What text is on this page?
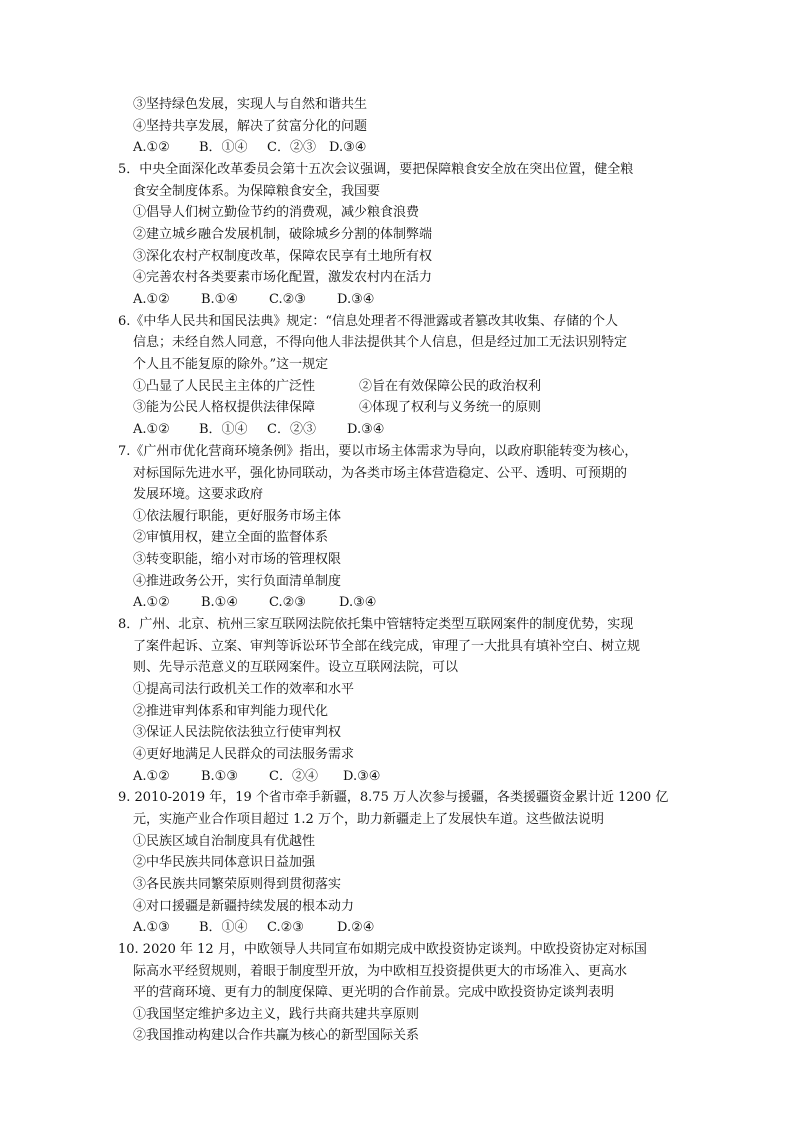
③坚持绿色发展，实现人与自然和谐共生
④坚持共享发展，解决了贫富分化的问题
A.①② B．①④ C．②③ D.③④
5．中央全面深化改革委员会第十五次会议强调，要把保障粮食安全放在突出位置，健全粮
食安全制度体系。为保障粮食安全，我国要
①倡导人们树立勤俭节约的消费观，减少粮食浪费
②建立城乡融合发展机制，破除城乡分割的体制弊端
③深化农村产权制度改革，保障农民享有土地所有权
④完善农村各类要素市场化配置，激发农村内在活力
A.①② B.①④ C.②③ D.③④
6.《中华人民共和国民法典》规定：“信息处理者不得泄露或者篡改其收集、存储的个人
信息；未经自然人同意，不得向他人非法提供其个人信息，但是经过加工无法识别特定
个人且不能复原的除外。”这一规定
①凸显了人民民主主体的广泛性	②旨在有效保障公民的政治权利
③能为公民人格权提供法律保障	④体现了权利与义务统一的原则
A.①② B．①④ C．②③ D.③④
7.《广州市优化营商环境条例》指出，要以市场主体需求为导向，以政府职能转变为核心，
对标国际先进水平，强化协同联动，为各类市场主体营造稳定、公平、透明、可预期的
发展环境。这要求政府
①依法履行职能，更好服务市场主体
②审慎用权，建立全面的监督体系
③转变职能，缩小对市场的管理权限
④推进政务公开，实行负面清单制度
A.①② B.①④ C.②③	D.③④
8．广州、北京、杭州三家互联网法院依托集中管辖特定类型互联网案件的制度优势，实现
了案件起诉、立案、审判等诉讼环节全部在线完成，审理了一大批具有填补空白、树立规
则、先导示范意义的互联网案件。设立互联网法院，可以
①提高司法行政机关工作的效率和水平
②推进审判体系和审判能力现代化
③保证人民法院依法独立行使审判权
④更好地满足人民群众的司法服务需求
A.①② B.①③ C．②④ D.③④
9. 2010-2019 年，19 个省市牵手新疆，8.75 万人次参与援疆，各类援疆资金累计近 1200 亿
元，实施产业合作项目超过 1.2 万个，助力新疆走上了发展快车道。这些做法说明
①民族区域自治制度具有优越性
②中华民族共同体意识日益加强
③各民族共同繁荣原则得到贯彻落实
④对口援疆是新疆持续发展的根本动力
A.①③ B．①④ C.②③	D.②④
10. 2020 年 12 月，中欧领导人共同宣布如期完成中欧投资协定谈判。中欧投资协定对标国
际高水平经贸规则，着眼于制度型开放，为中欧相互投资提供更大的市场准入、更高水
平的营商环境、更有力的制度保障、更光明的合作前景。完成中欧投资协定谈判表明
①我国坚定维护多边主义，践行共商共建共享原则
②我国推动构建以合作共赢为核心的新型国际关系
